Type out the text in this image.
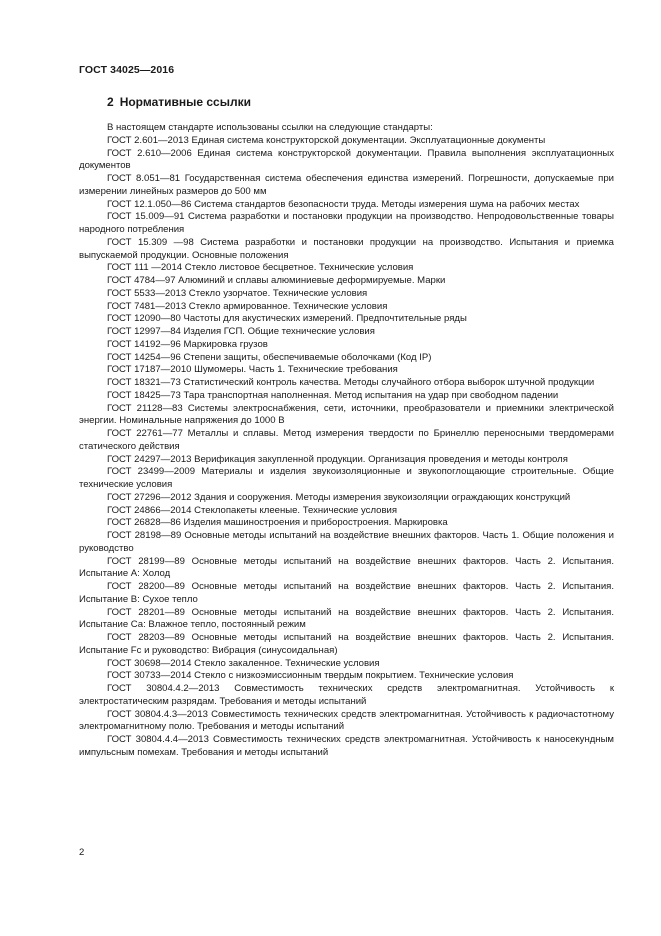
ГОСТ 34025—2016
2 Нормативные ссылки

В настоящем стандарте использованы ссылки на следующие стандарты:

ГОСТ 2.601—2013 Единая система конструкторской документации. Эксплуатационные документы

ГОСТ 2.610—2006 Единая система конструкторской документации. Правила выполнения эксплуатационных документов

ГОСТ 8.051—81 Государственная система обеспечения единства измерений. Погрешности, допускаемые при измерении линейных размеров до 500 мм

ГОСТ 12.1.050—86 Система стандартов безопасности труда. Методы измерения шума на рабочих местах

ГОСТ 15.009—91 Система разработки и постановки продукции на производство. Непродовольственные товары народного потребления

ГОСТ 15.309 —98 Система разработки и постановки продукции на производство. Испытания и приемка выпускаемой продукции. Основные положения

ГОСТ 111 —2014 Стекло листовое бесцветное. Технические условия

ГОСТ 4784—97 Алюминий и сплавы алюминиевые деформируемые. Марки

ГОСТ 5533—2013 Стекло узорчатое. Технические условия

ГОСТ 7481—2013 Стекло армированное. Технические условия

ГОСТ 12090—80 Частоты для акустических измерений. Предпочтительные ряды

ГОСТ 12997—84 Изделия ГСП. Общие технические условия

ГОСТ 14192—96 Маркировка грузов

ГОСТ 14254—96 Степени защиты, обеспечиваемые оболочками (Код IP)

ГОСТ 17187—2010 Шумомеры. Часть 1. Технические требования

ГОСТ 18321—73 Статистический контроль качества. Методы случайного отбора выборок штучной продукции

ГОСТ 18425—73 Тара транспортная наполненная. Метод испытания на удар при свободном падении

ГОСТ 21128—83 Системы электроснабжения, сети, источники, преобразователи и приемники электрической энергии. Номинальные напряжения до 1000 В

ГОСТ 22761—77 Металлы и сплавы. Метод измерения твердости по Бринеллю переносными твердомерами статического действия

ГОСТ 24297—2013 Верификация закупленной продукции. Организация проведения и методы контроля

ГОСТ 23499—2009 Материалы и изделия звукоизоляционные и звукопоглощающие строительные. Общие технические условия

ГОСТ 27296—2012 Здания и сооружения. Методы измерения звукоизоляции ограждающих конструкций

ГОСТ 24866—2014 Стеклопакеты клееные. Технические условия

ГОСТ 26828—86 Изделия машиностроения и приборостроения. Маркировка

ГОСТ 28198—89 Основные методы испытаний на воздействие внешних факторов. Часть 1. Общие положения и руководство

ГОСТ 28199—89 Основные методы испытаний на воздействие внешних факторов. Часть 2. Испытания. Испытание А: Холод

ГОСТ 28200—89 Основные методы испытаний на воздействие внешних факторов. Часть 2. Испытания. Испытание В: Сухое тепло

ГОСТ 28201—89 Основные методы испытаний на воздействие внешних факторов. Часть 2. Испытания. Испытание Са: Влажное тепло, постоянный режим

ГОСТ 28203—89 Основные методы испытаний на воздействие внешних факторов. Часть 2. Испытания. Испытание Fc и руководство: Вибрация (синусоидальная)

ГОСТ 30698—2014 Стекло закаленное. Технические условия

ГОСТ 30733—2014 Стекло с низкоэмиссионным твердым покрытием. Технические условия

ГОСТ 30804.4.2—2013 Совместимость технических средств электромагнитная. Устойчивость к электростатическим разрядам. Требования и методы испытаний

ГОСТ 30804.4.3—2013 Совместимость технических средств электромагнитная. Устойчивость к радиочастотному электромагнитному полю. Требования и методы испытаний

ГОСТ 30804.4.4—2013 Совместимость технических средств электромагнитная. Устойчивость к наносекундным импульсным помехам. Требования и методы испытаний

2
